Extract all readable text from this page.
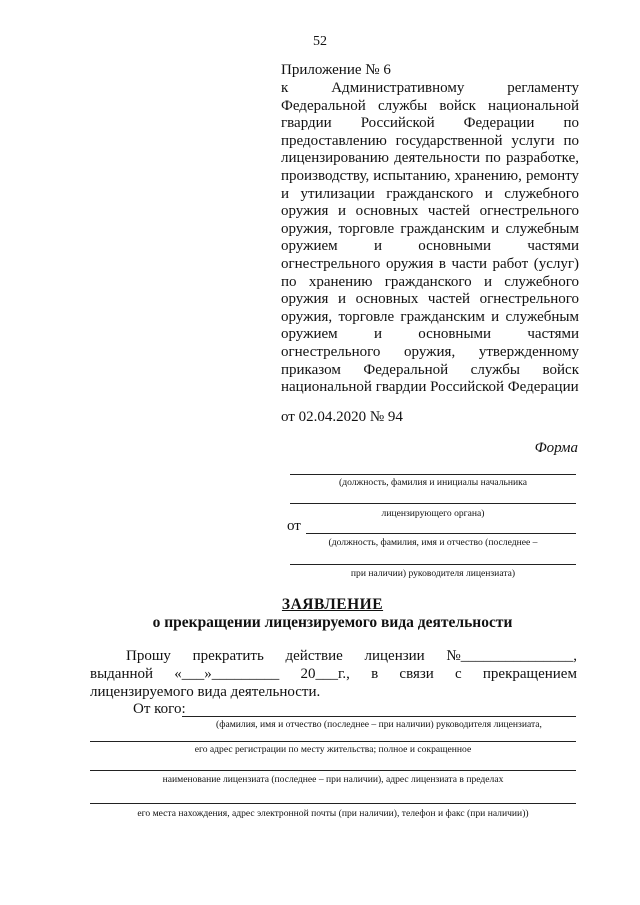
52
Приложение № 6
к Административному регламенту Федеральной службы войск национальной гвардии Российской Федерации по предоставлению государственной услуги по лицензированию деятельности по разработке, производству, испытанию, хранению, ремонту и утилизации гражданского и служебного оружия и основных частей огнестрельного оружия, торговле гражданским и служебным оружием и основными частями огнестрельного оружия в части работ (услуг) по хранению гражданского и служебного оружия и основных частей огнестрельного оружия, торговле гражданским и служебным оружием и основными частями огнестрельного оружия, утвержденному приказом Федеральной службы войск национальной гвардии Российской Федерации
от 02.04.2020 № 94
Форма
(должность, фамилия и инициалы начальника
лицензирующего органа)
от
(должность, фамилия, имя и отчество (последнее –
при наличии) руководителя лицензиата)
ЗАЯВЛЕНИЕ
о прекращении лицензируемого вида деятельности
Прошу прекратить действие лицензии №_______________,
выданной «___»_________ 20___г., в связи с прекращением
лицензируемого вида деятельности.
От кого:
(фамилия, имя и отчество (последнее – при наличии) руководителя лицензиата,
его адрес регистрации по месту жительства; полное и сокращенное
наименование лицензиата (последнее – при наличии), адрес лицензиата в пределах
его места нахождения, адрес электронной почты (при наличии), телефон и факс (при наличии))
